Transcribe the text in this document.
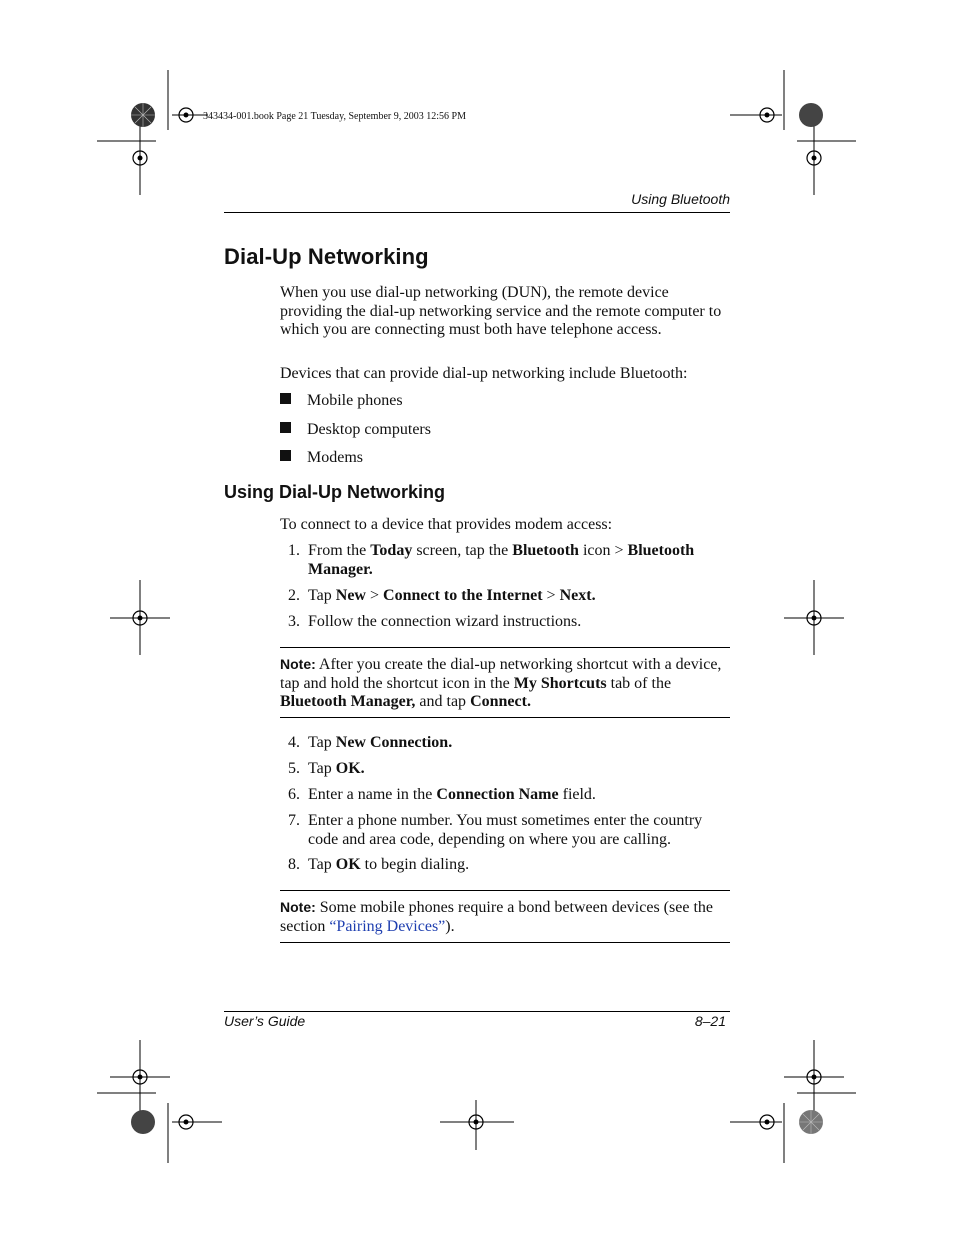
343434-001.book Page 21 Tuesday, September 9, 2003 12:56 PM
Using Bluetooth
Dial-Up Networking

When you use dial-up networking (DUN), the remote device providing the dial-up networking service and the remote computer to which you are connecting must both have telephone access.

Devices that can provide dial-up networking include Bluetooth:

Mobile phones
Desktop computers
Modems
Using Dial-Up Networking

To connect to a device that provides modem access:

1. From the Today screen, tap the Bluetooth icon > Bluetooth Manager.
2. Tap New > Connect to the Internet > Next.
3. Follow the connection wizard instructions.
Note: After you create the dial-up networking shortcut with a device, tap and hold the shortcut icon in the My Shortcuts tab of the Bluetooth Manager, and tap Connect.
4. Tap New Connection.
5. Tap OK.
6. Enter a name in the Connection Name field.
7. Enter a phone number. You must sometimes enter the country code and area code, depending on where you are calling.
8. Tap OK to begin dialing.
Note: Some mobile phones require a bond between devices (see the section “Pairing Devices”).
User’s Guide	8–21
